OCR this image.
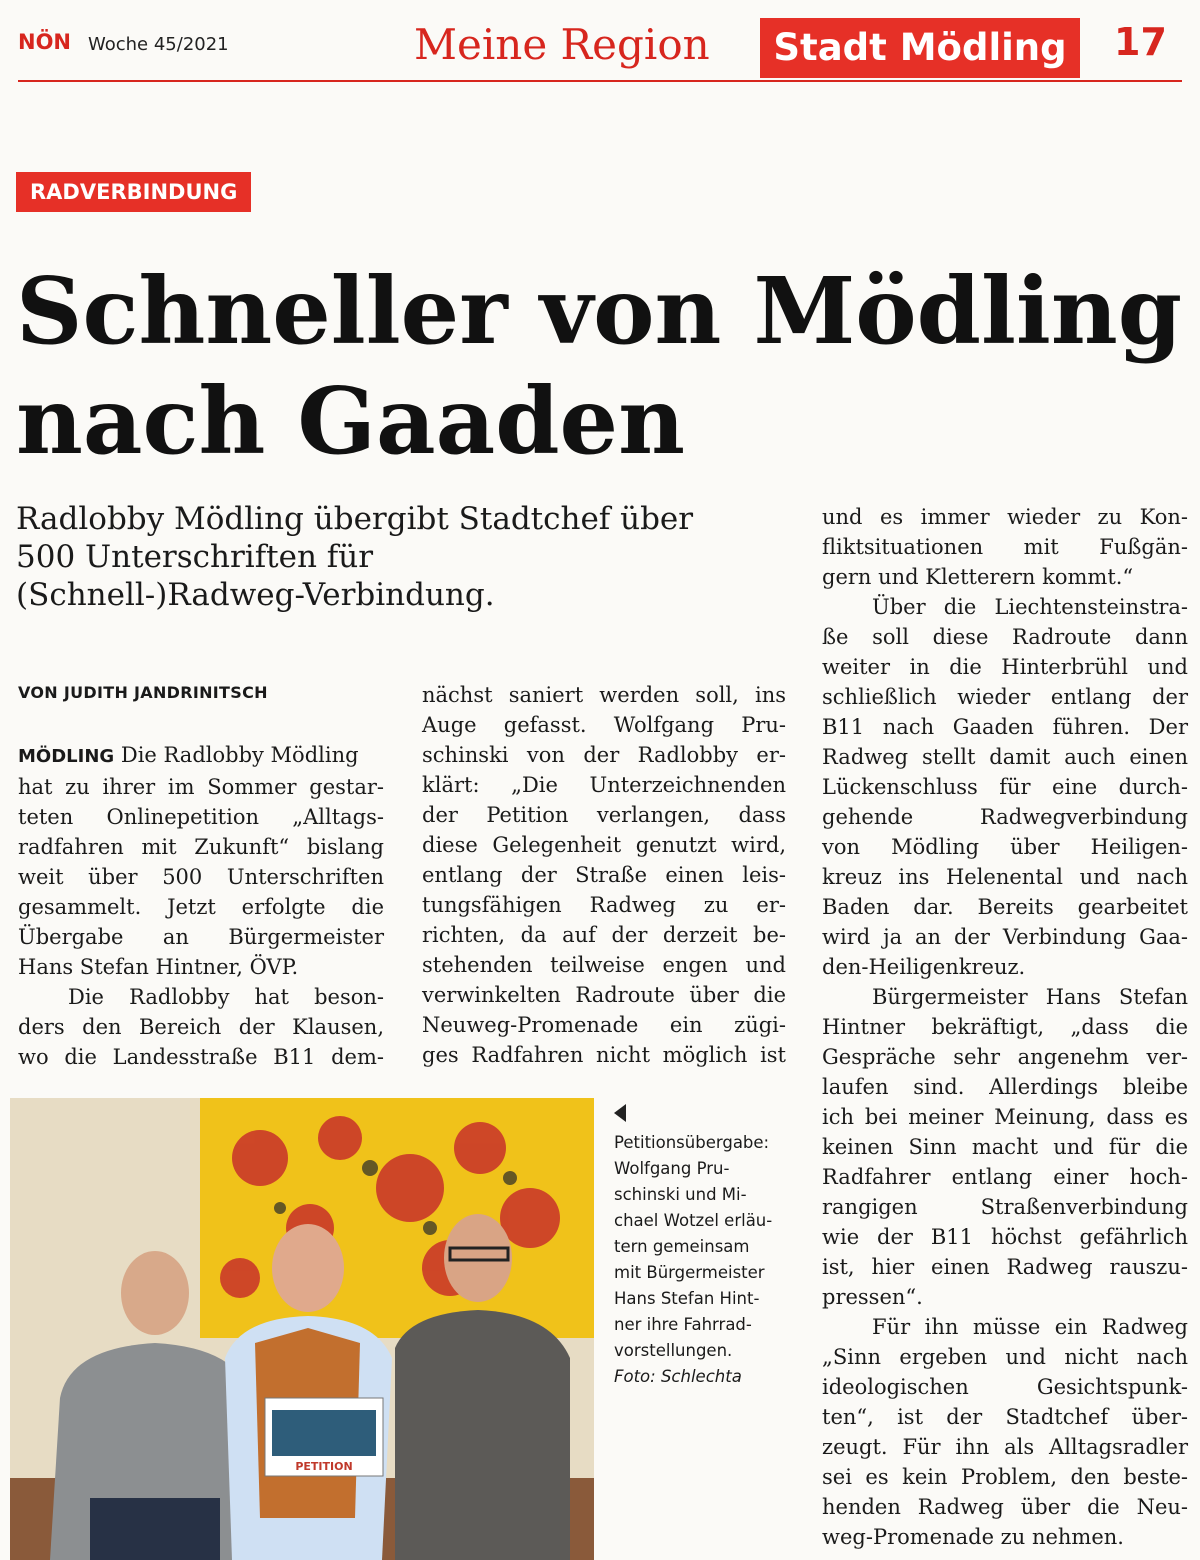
NÖN Woche 45/2021	Meine Region	Stadt Mödling	17
RADVERBINDUNG
Schneller von Mödling
nach Gaaden

Radlobby Mödling übergibt Stadtchef über
500 Unterschriften für
(Schnell-)Radweg-Verbindung.

VON JUDITH JANDRINITSCH

MÖDLING Die Radlobby Mödling
hat zu ihrer im Sommer gestar-
teten Onlinepetition „Alltags-
radfahren mit Zukunft“ bislang
weit über 500 Unterschriften
gesammelt. Jetzt erfolgte die
Übergabe an Bürgermeister
Hans Stefan Hintner, ÖVP.
Die Radlobby hat beson-
ders den Bereich der Klausen,
wo die Landesstraße B11 dem-

nächst saniert werden soll, ins
Auge gefasst. Wolfgang Pru-
schinski von der Radlobby er-
klärt: „Die Unterzeichnenden
der Petition verlangen, dass
diese Gelegenheit genutzt wird,
entlang der Straße einen leis-
tungsfähigen Radweg zu er-
richten, da auf der derzeit be-
stehenden teilweise engen und
verwinkelten Radroute über die
Neuweg-Promenade ein zügi-
ges Radfahren nicht möglich ist

und es immer wieder zu Kon-
fliktsituationen mit Fußgän-
gern und Kletterern kommt.“
Über die Liechtensteinstra-
ße soll diese Radroute dann
weiter in die Hinterbrühl und
schließlich wieder entlang der
B11 nach Gaaden führen. Der
Radweg stellt damit auch einen
Lückenschluss für eine durch-
gehende Radwegverbindung
von Mödling über Heiligen-
kreuz ins Helenental und nach
Baden dar. Bereits gearbeitet
wird ja an der Verbindung Gaa-
den-Heiligenkreuz.
Bürgermeister Hans Stefan
Hintner bekräftigt, „dass die
Gespräche sehr angenehm ver-
laufen sind. Allerdings bleibe
ich bei meiner Meinung, dass es
keinen Sinn macht und für die
Radfahrer entlang einer hoch-
rangigen Straßenverbindung
wie der B11 höchst gefährlich
ist, hier einen Radweg rauszu-
pressen“.
Für ihn müsse ein Radweg
„Sinn ergeben und nicht nach
ideologischen Gesichtspunk-
ten“, ist der Stadtchef über-
zeugt. Für ihn als Alltagsradler
sei es kein Problem, den beste-
henden Radweg über die Neu-
weg-Promenade zu nehmen.

PETITION

Petitionsübergabe:
Wolfgang Pru-
schinski und Mi-
chael Wotzel erläu-
tern gemeinsam
mit Bürgermeister
Hans Stefan Hint-
ner ihre Fahrrad-
vorstellungen.
Foto: Schlechta
